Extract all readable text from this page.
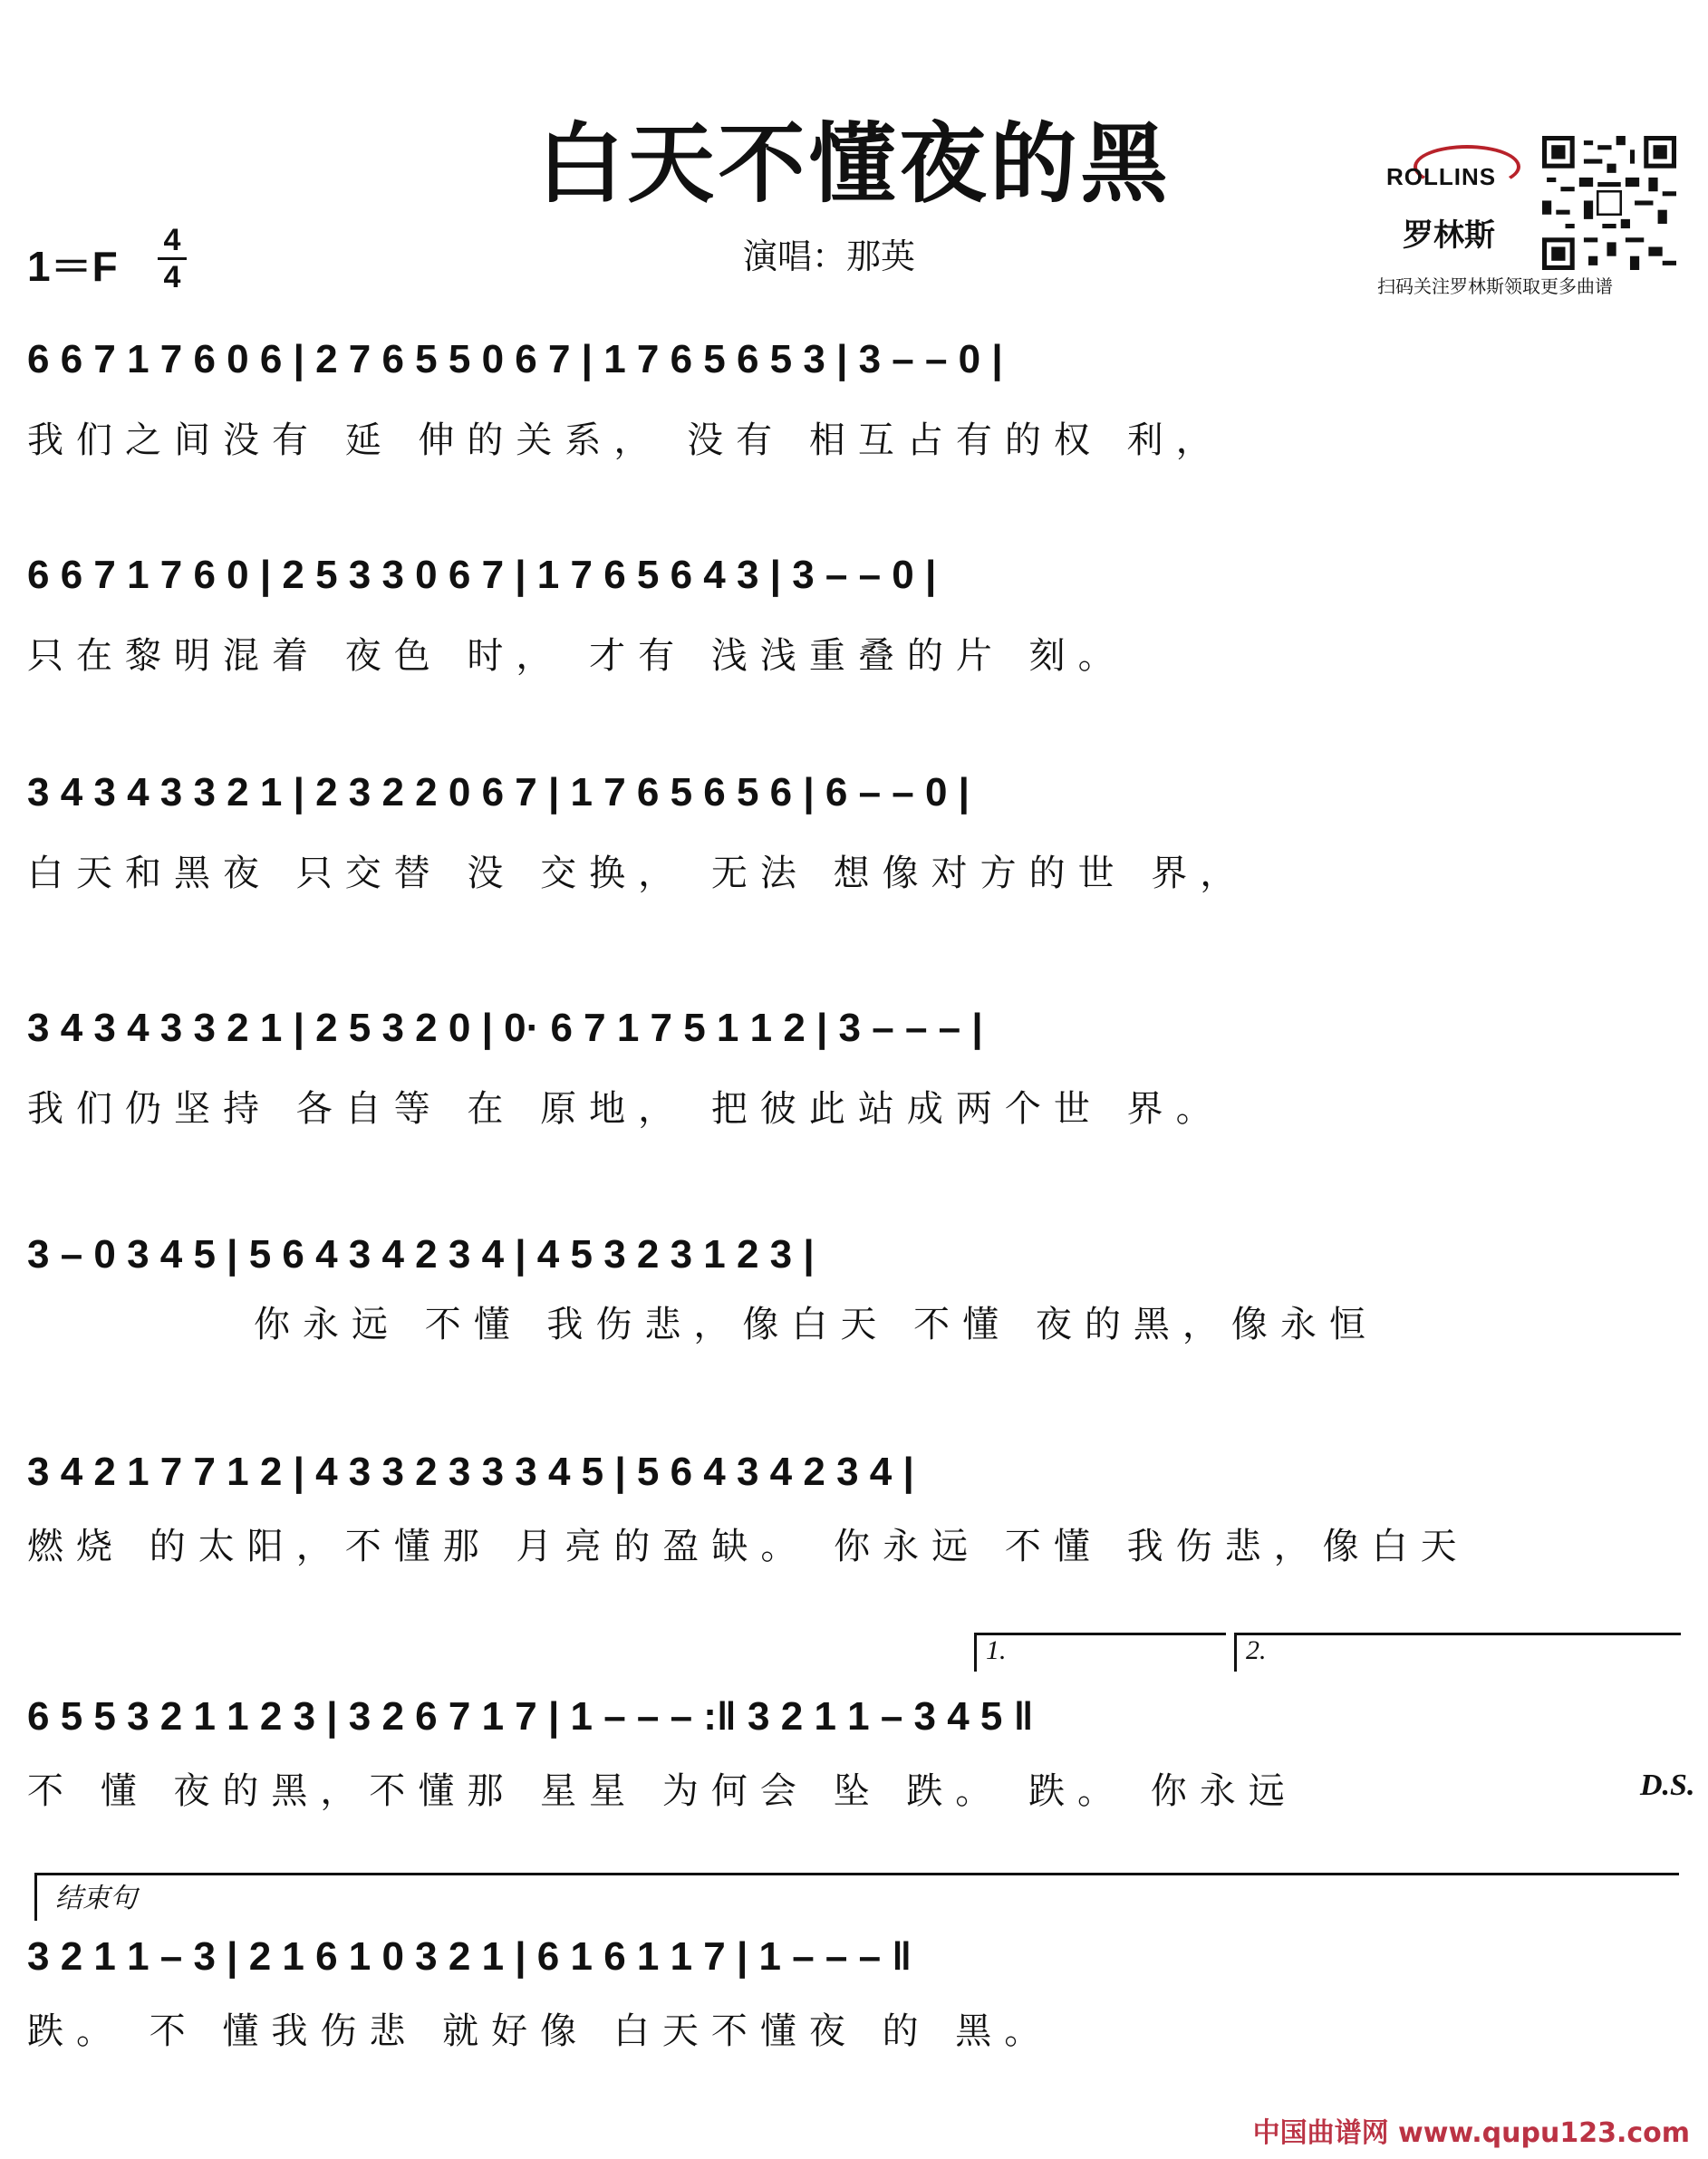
白天不懂夜的黑
1＝F
4
4
演唱：那英
ROLLINS
罗林斯
扫码关注罗林斯领取更多曲谱
6 6 7 1 7 6 0 6 | 2 7 6 5 5 0 6 7 | 1 7 6 5 6 5 3 | 3 – – 0 |
我们之间没有 延 伸的关系， 没有 相互占有的权 利，
6 6 7 1 7 6 0 | 2 5 3 3 0 6 7 | 1 7 6 5 6 4 3 | 3 – – 0 |
只在黎明混着 夜色 时， 才有 浅浅重叠的片 刻。
3 4 3 4 3 3 2 1 | 2 3 2 2 0 6 7 | 1 7 6 5 6 5 6 | 6 – – 0 |
白天和黑夜 只交替 没 交换， 无法 想像对方的世 界，
3 4 3 4 3 3 2 1 | 2 5 3 2 0 | 0· 6 7 1 7 5 1 1 2 | 3 – – – |
我们仍坚持 各自等 在 原地， 把彼此站成两个世 界。
3 – 0 3 4 5 | 5 6 4 3 4 2 3 4 | 4 5 3 2 3 1 2 3 |
你永远 不懂 我伤悲，像白天 不懂 夜的黑，像永恒
3 4 2 1 7 7 1 2 | 4 3 3 2 3 3 3 4 5 | 5 6 4 3 4 2 3 4 |
燃烧 的太阳，不懂那 月亮的盈缺。 你永远 不懂 我伤悲，像白天
1.	2.
6 5 5 3 2 1 1 2 3 | 3 2 6 7 1 7 | 1 – – – :‖ 3 2 1 1 – 3 4 5 ‖
不 懂 夜的黑，不懂那 星星 为何会 坠 跌。 跌。 你永远	D.S.
结束句
3 2 1 1 – 3 | 2 1 6 1 0 3 2 1 | 6 1 6 1 1 7 | 1 – – – ‖
跌。 不 懂我伤悲 就好像 白天不懂夜 的 黑。
中国曲谱网 www.qupu123.com
